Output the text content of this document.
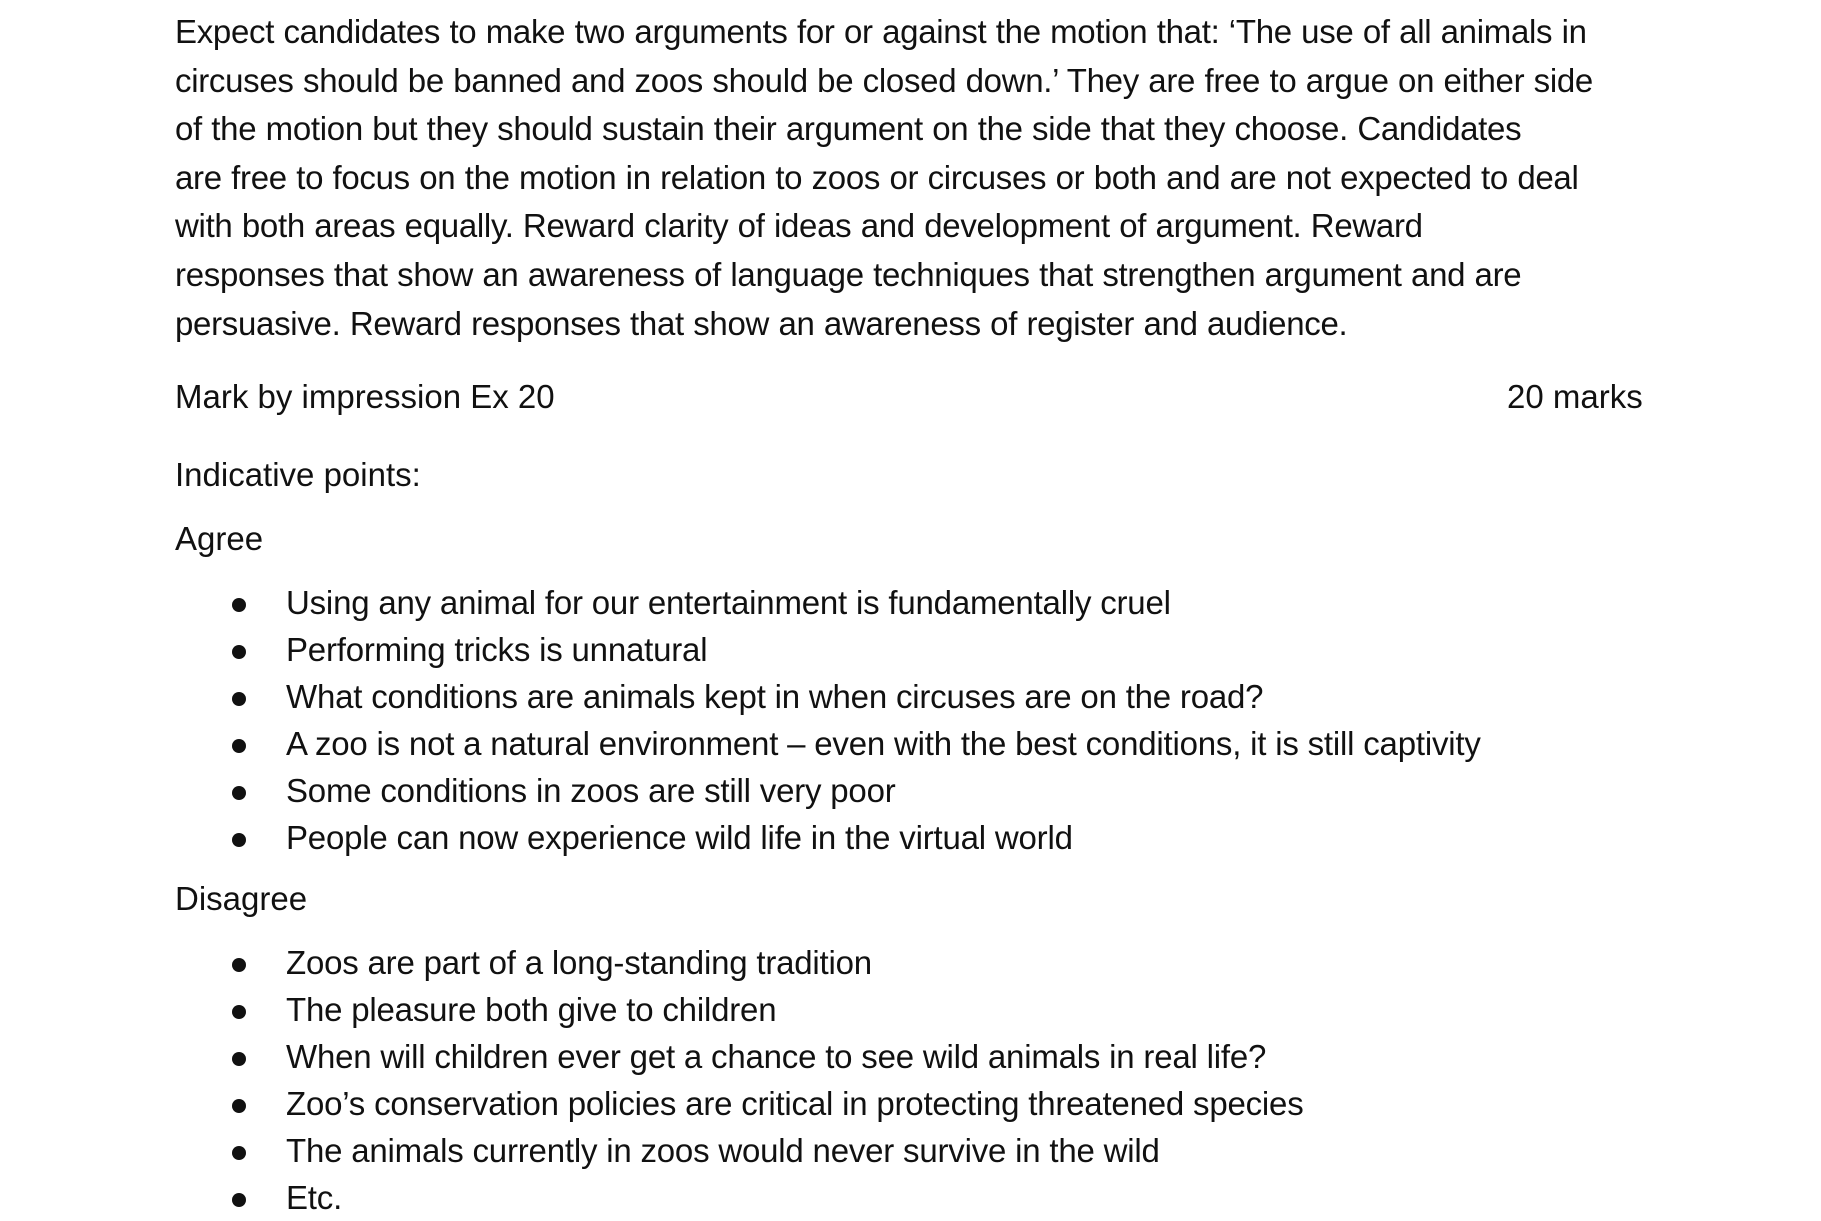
Expect candidates to make two arguments for or against the motion that: ‘The use of all animals in
circuses should be banned and zoos should be closed down.’ They are free to argue on either side
of the motion but they should sustain their argument on the side that they choose. Candidates
are free to focus on the motion in relation to zoos or circuses or both and are not expected to deal
with both areas equally. Reward clarity of ideas and development of argument. Reward
responses that show an awareness of language techniques that strengthen argument and are
persuasive. Reward responses that show an awareness of register and audience.
Mark by impression Ex 20	20 marks

Indicative points:

Agree

Using any animal for our entertainment is fundamentally cruel
Performing tricks is unnatural
What conditions are animals kept in when circuses are on the road?
A zoo is not a natural environment – even with the best conditions, it is still captivity
Some conditions in zoos are still very poor
People can now experience wild life in the virtual world

Disagree

Zoos are part of a long-standing tradition
The pleasure both give to children
When will children ever get a chance to see wild animals in real life?
Zoo’s conservation policies are critical in protecting threatened species
The animals currently in zoos would never survive in the wild
Etc.
